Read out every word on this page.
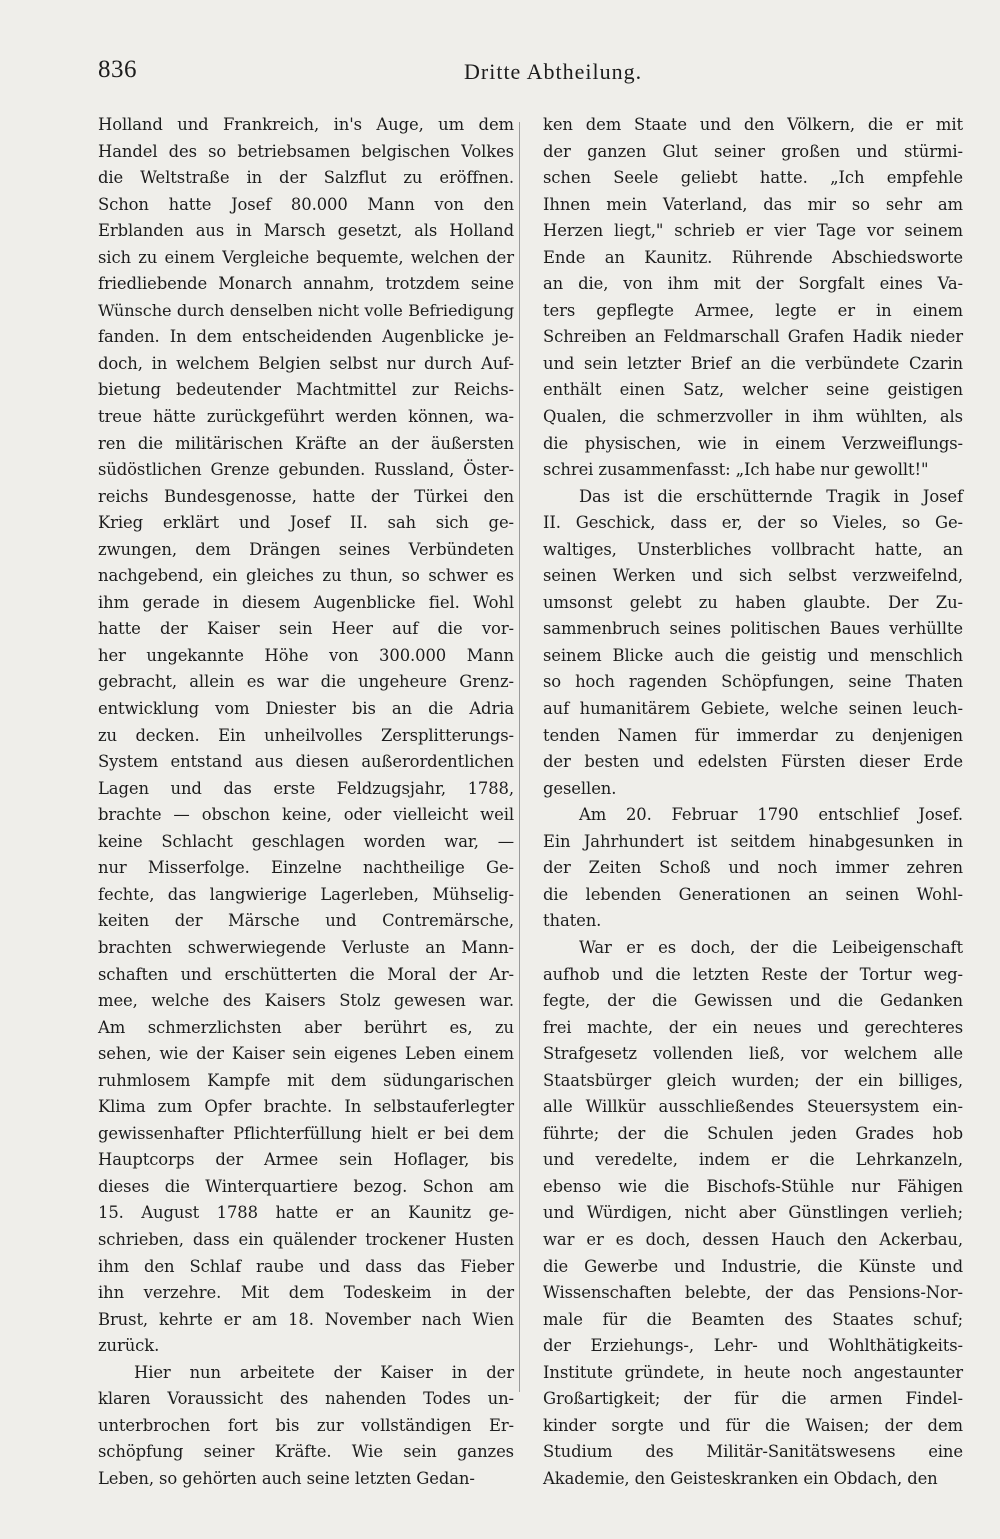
836	Dritte Abtheilung.
Holland und Frankreich, in's Auge, um dem
Handel des so betriebsamen belgischen Volkes
die Weltstraße in der Salzflut zu eröffnen.
Schon hatte Josef 80.000 Mann von den
Erblanden aus in Marsch gesetzt, als Holland
sich zu einem Vergleiche bequemte, welchen der
friedliebende Monarch annahm, trotzdem seine
Wünsche durch denselben nicht volle Befriedigung
fanden. In dem entscheidenden Augenblicke je-
doch, in welchem Belgien selbst nur durch Auf-
bietung bedeutender Machtmittel zur Reichs-
treue hätte zurückgeführt werden können, wa-
ren die militärischen Kräfte an der äußersten
südöstlichen Grenze gebunden. Russland, Öster-
reichs Bundesgenosse, hatte der Türkei den
Krieg erklärt und Josef II. sah sich ge-
zwungen, dem Drängen seines Verbündeten
nachgebend, ein gleiches zu thun, so schwer es
ihm gerade in diesem Augenblicke fiel. Wohl
hatte der Kaiser sein Heer auf die vor-
her ungekannte Höhe von 300.000 Mann
gebracht, allein es war die ungeheure Grenz-
entwicklung vom Dniester bis an die Adria
zu decken. Ein unheilvolles Zersplitterungs-
System entstand aus diesen außerordentlichen
Lagen und das erste Feldzugsjahr, 1788,
brachte — obschon keine, oder vielleicht weil
keine Schlacht geschlagen worden war, —
nur Misserfolge. Einzelne nachtheilige Ge-
fechte, das langwierige Lagerleben, Mühselig-
keiten der Märsche und Contremärsche,
brachten schwerwiegende Verluste an Mann-
schaften und erschütterten die Moral der Ar-
mee, welche des Kaisers Stolz gewesen war.
Am schmerzlichsten aber berührt es, zu
sehen, wie der Kaiser sein eigenes Leben einem
ruhmlosem Kampfe mit dem südungarischen
Klima zum Opfer brachte. In selbstauferlegter
gewissenhafter Pflichterfüllung hielt er bei dem
Hauptcorps der Armee sein Hoflager, bis
dieses die Winterquartiere bezog. Schon am
15. August 1788 hatte er an Kaunitz ge-
schrieben, dass ein quälender trockener Husten
ihm den Schlaf raube und dass das Fieber
ihn verzehre. Mit dem Todeskeim in der
Brust, kehrte er am 18. November nach Wien
zurück.
Hier nun arbeitete der Kaiser in der
klaren Voraussicht des nahenden Todes un-
unterbrochen fort bis zur vollständigen Er-
schöpfung seiner Kräfte. Wie sein ganzes
Leben, so gehörten auch seine letzten Gedan-
ken dem Staate und den Völkern, die er mit
der ganzen Glut seiner großen und stürmi-
schen Seele geliebt hatte. „Ich empfehle
Ihnen mein Vaterland, das mir so sehr am
Herzen liegt," schrieb er vier Tage vor seinem
Ende an Kaunitz. Rührende Abschiedsworte
an die, von ihm mit der Sorgfalt eines Va-
ters gepflegte Armee, legte er in einem
Schreiben an Feldmarschall Grafen Hadik nieder
und sein letzter Brief an die verbündete Czarin
enthält einen Satz, welcher seine geistigen
Qualen, die schmerzvoller in ihm wühlten, als
die physischen, wie in einem Verzweiflungs-
schrei zusammenfasst: „Ich habe nur gewollt!"
Das ist die erschütternde Tragik in Josef
II. Geschick, dass er, der so Vieles, so Ge-
waltiges, Unsterbliches vollbracht hatte, an
seinen Werken und sich selbst verzweifelnd,
umsonst gelebt zu haben glaubte. Der Zu-
sammenbruch seines politischen Baues verhüllte
seinem Blicke auch die geistig und menschlich
so hoch ragenden Schöpfungen, seine Thaten
auf humanitärem Gebiete, welche seinen leuch-
tenden Namen für immerdar zu denjenigen
der besten und edelsten Fürsten dieser Erde
gesellen.
Am 20. Februar 1790 entschlief Josef.
Ein Jahrhundert ist seitdem hinabgesunken in
der Zeiten Schoß und noch immer zehren
die lebenden Generationen an seinen Wohl-
thaten.
War er es doch, der die Leibeigenschaft
aufhob und die letzten Reste der Tortur weg-
fegte, der die Gewissen und die Gedanken
frei machte, der ein neues und gerechteres
Strafgesetz vollenden ließ, vor welchem alle
Staatsbürger gleich wurden; der ein billiges,
alle Willkür ausschließendes Steuersystem ein-
führte; der die Schulen jeden Grades hob
und veredelte, indem er die Lehrkanzeln,
ebenso wie die Bischofs-Stühle nur Fähigen
und Würdigen, nicht aber Günstlingen verlieh;
war er es doch, dessen Hauch den Ackerbau,
die Gewerbe und Industrie, die Künste und
Wissenschaften belebte, der das Pensions-Nor-
male für die Beamten des Staates schuf;
der Erziehungs-, Lehr- und Wohlthätigkeits-
Institute gründete, in heute noch angestaunter
Großartigkeit; der für die armen Findel-
kinder sorgte und für die Waisen; der dem
Studium des Militär-Sanitätswesens eine
Akademie, den Geisteskranken ein Obdach, den
